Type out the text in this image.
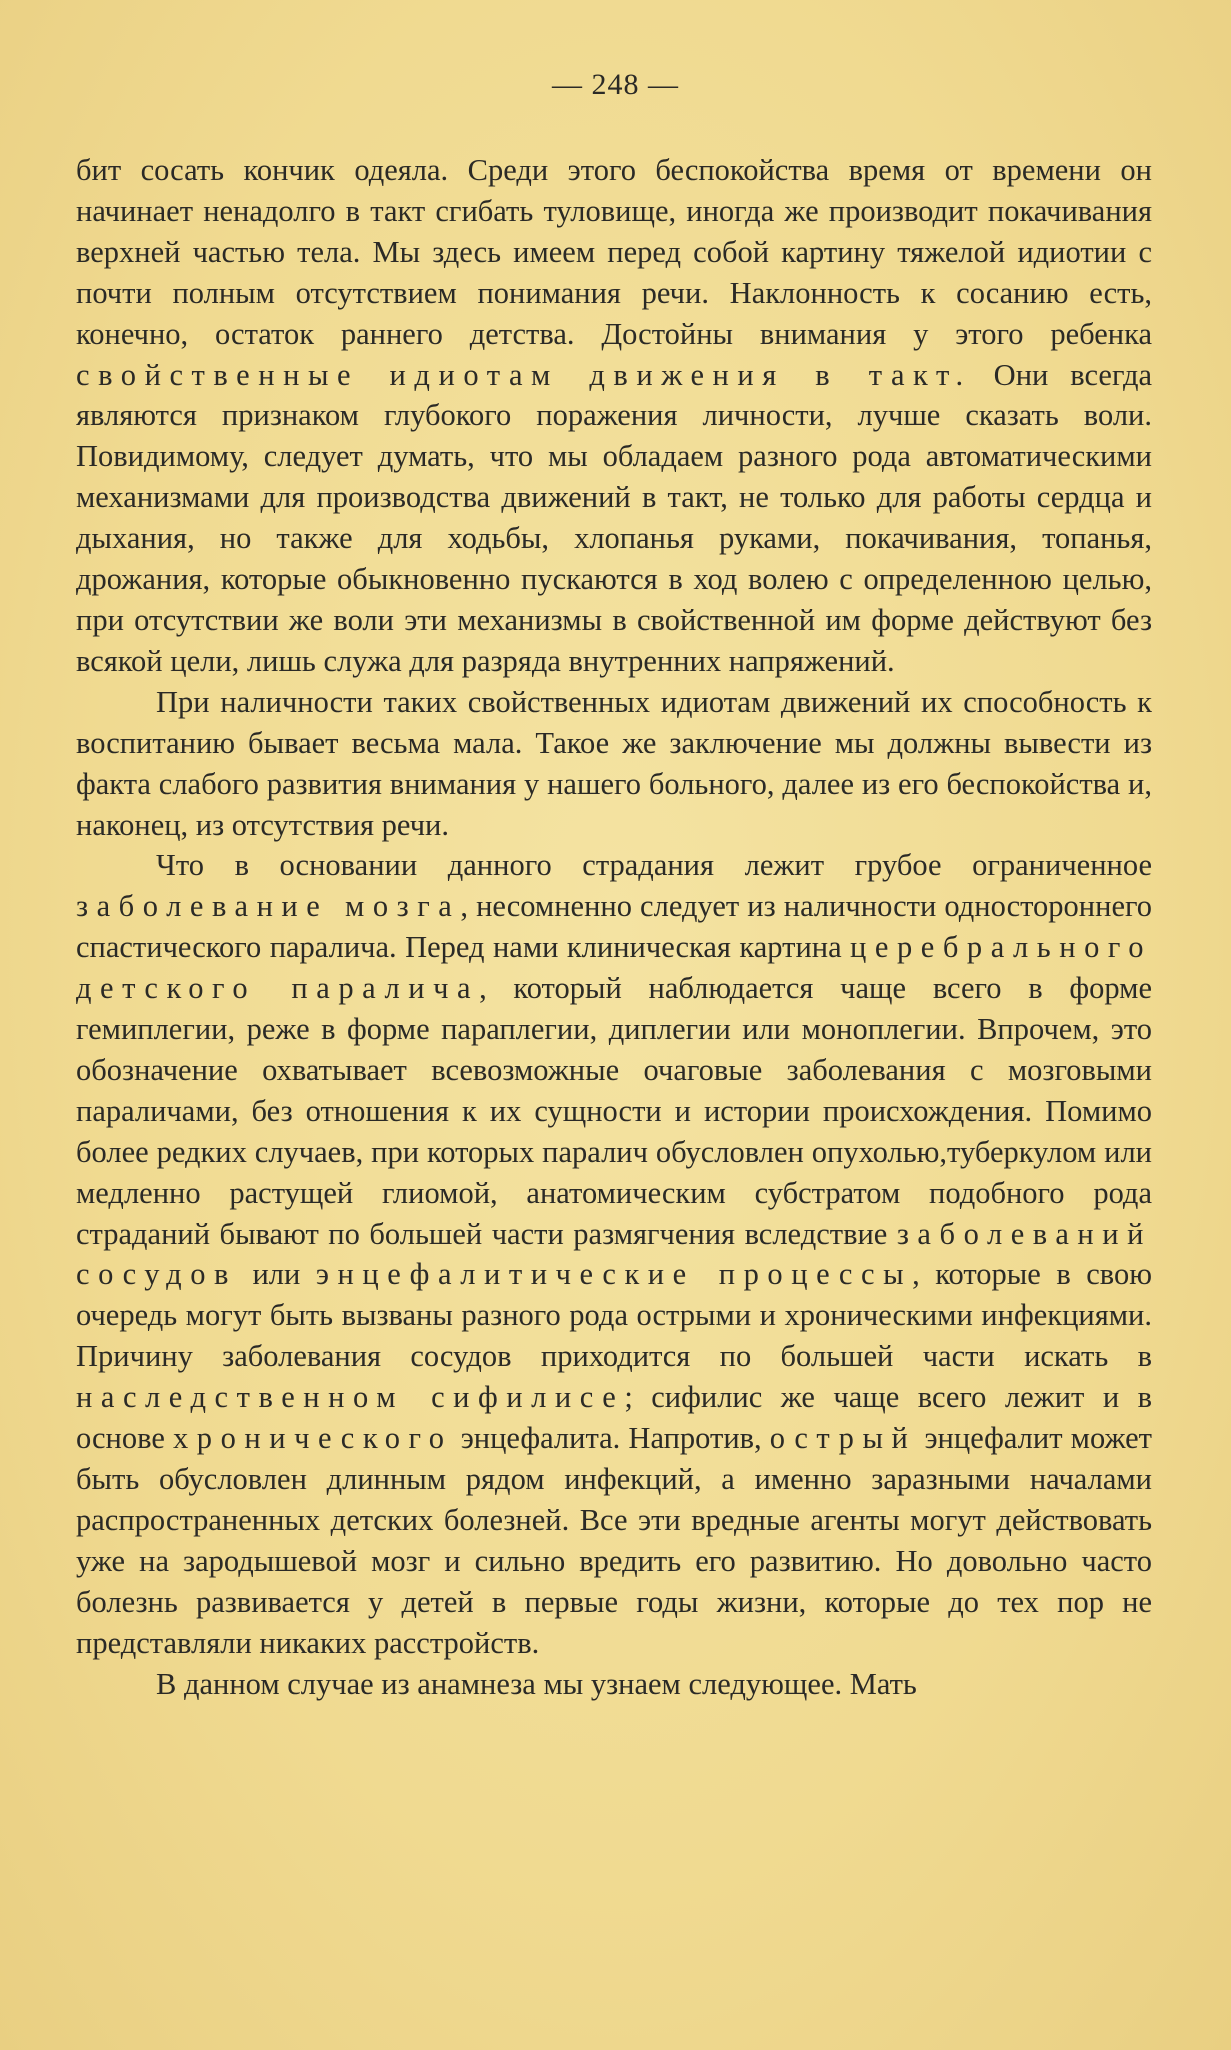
— 248 —

бит сосать кончик одеяла. Среди этого беспокойства время от времени он начинает ненадолго в такт сгибать туловище, иногда же производит покачивания верхней частью тела. Мы здесь имеем перед собой картину тяжелой идиотии с почти полным отсутствием понимания речи. Наклонность к сосанию есть, конечно, остаток раннего детства. Достойны внимания у этого ребенка свойственные идиотам движения в такт. Они всегда являются признаком глубокого поражения личности, лучше сказать воли. Повидимому, следует думать, что мы обладаем разного рода автоматическими механизмами для производства движений в такт, не только для работы сердца и дыхания, но также для ходьбы, хлопанья руками, покачивания, топанья, дрожания, которые обыкновенно пускаются в ход волею с определенною целью, при отсутствии же воли эти механизмы в свойственной им форме действуют без всякой цели, лишь служа для разряда внутренних напряжений.

При наличности таких свойственных идиотам движений их способность к воспитанию бывает весьма мала. Такое же заключение мы должны вывести из факта слабого развития внимания у нашего больного, далее из его беспокойства и, наконец, из отсутствия речи.

Что в основании данного страдания лежит грубое ограниченное заболевание мозга, несомненно следует из наличности одностороннего спастического паралича. Перед нами клиническая картина церебрального детского паралича, который наблюдается чаще всего в форме гемиплегии, реже в форме параплегии, диплегии или моноплегии. Впрочем, это обозначение охватывает всевозможные очаговые заболевания с мозговыми параличами, без отношения к их сущности и истории происхождения. Помимо более редких случаев, при которых паралич обусловлен опухолью,туберкулом или медленно растущей глиомой, анатомическим субстратом подобного рода страданий бывают по большей части размягчения вследствие заболеваний сосудов или энцефалитические процессы, которые в свою очередь могут быть вызваны разного рода острыми и хроническими инфекциями. Причину заболевания сосудов приходится по большей части искать в наследственном сифилисе; сифилис же чаще всего лежит и в основе хронического энцефалита. Напротив, острый энцефалит может быть обусловлен длинным рядом инфекций, а именно заразными началами распространенных детских болезней. Все эти вредные агенты могут действовать уже на зародышевой мозг и сильно вредить его развитию. Но довольно часто болезнь развивается у детей в первые годы жизни, которые до тех пор не представляли никаких расстройств.

В данном случае из анамнеза мы узнаем следующее. Мать
